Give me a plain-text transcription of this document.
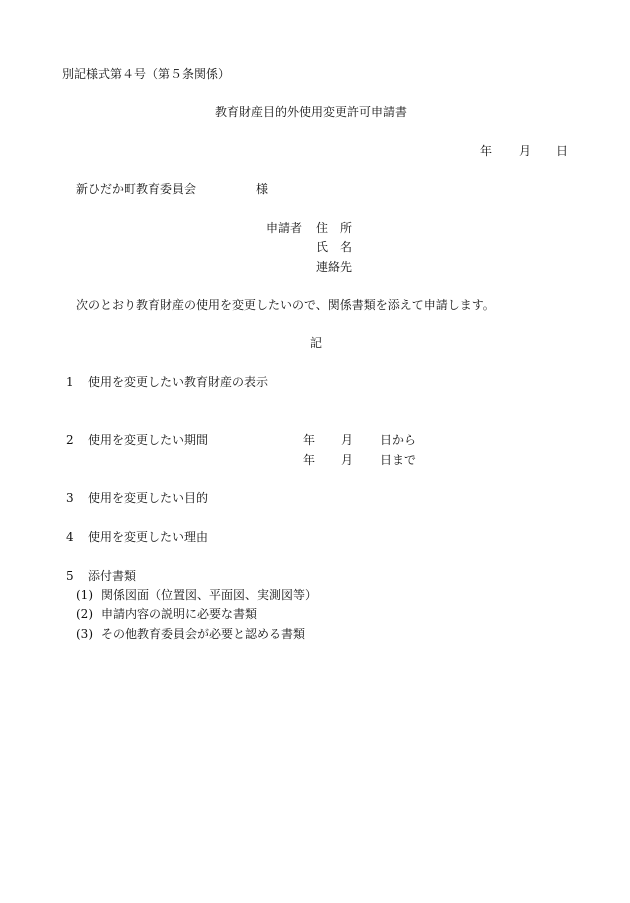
別記様式第４号（第５条関係）
教育財産目的外使用変更許可申請書
年 月 日
新ひだか町教育委員会	様
申請者 住　所
氏　名
連絡先
次のとおり教育財産の使用を変更したいので、関係書類を添えて申請します。
記
1 使用を変更したい教育財産の表示
2 使用を変更したい期間	年 月 日から
年 月 日まで
3 使用を変更したい目的
4 使用を変更したい理由
5 添付書類
(1) 関係図面（位置図、平面図、実測図等）
(2) 申請内容の説明に必要な書類
(3) その他教育委員会が必要と認める書類
